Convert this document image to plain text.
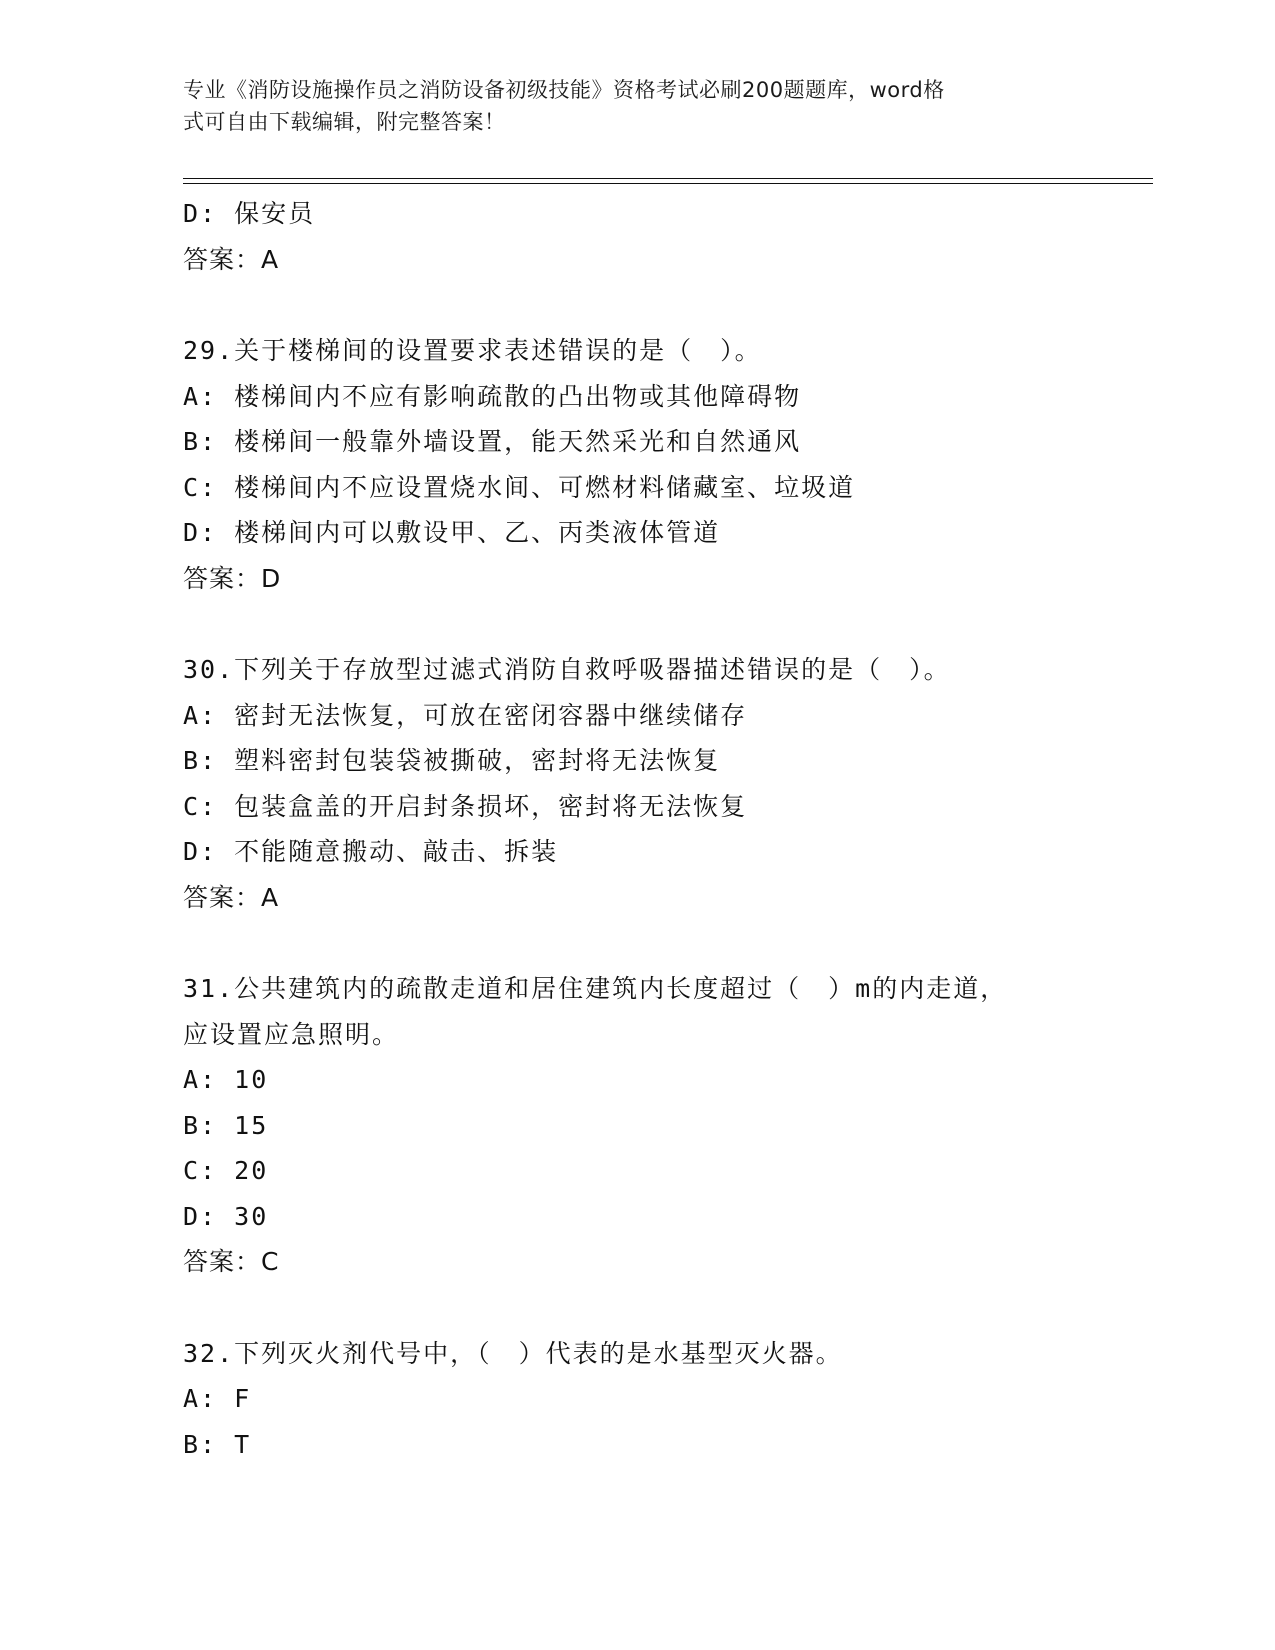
专业《消防设施操作员之消防设备初级技能》资格考试必刷200题题库，word格
式可自由下载编辑，附完整答案！
D: 保安员
答案：A
29.关于楼梯间的设置要求表述错误的是（　）。
A: 楼梯间内不应有影响疏散的凸出物或其他障碍物
B: 楼梯间一般靠外墙设置，能天然采光和自然通风
C: 楼梯间内不应设置烧水间、可燃材料储藏室、垃圾道
D: 楼梯间内可以敷设甲、乙、丙类液体管道
答案：D
30.下列关于存放型过滤式消防自救呼吸器描述错误的是（　）。
A: 密封无法恢复，可放在密闭容器中继续储存
B: 塑料密封包装袋被撕破，密封将无法恢复
C: 包装盒盖的开启封条损坏，密封将无法恢复
D: 不能随意搬动、敲击、拆装
答案：A
31.公共建筑内的疏散走道和居住建筑内长度超过（　）m的内走道，
应设置应急照明。
A: 10
B: 15
C: 20
D: 30
答案：C
32.下列灭火剂代号中，（　）代表的是水基型灭火器。
A: F
B: T
